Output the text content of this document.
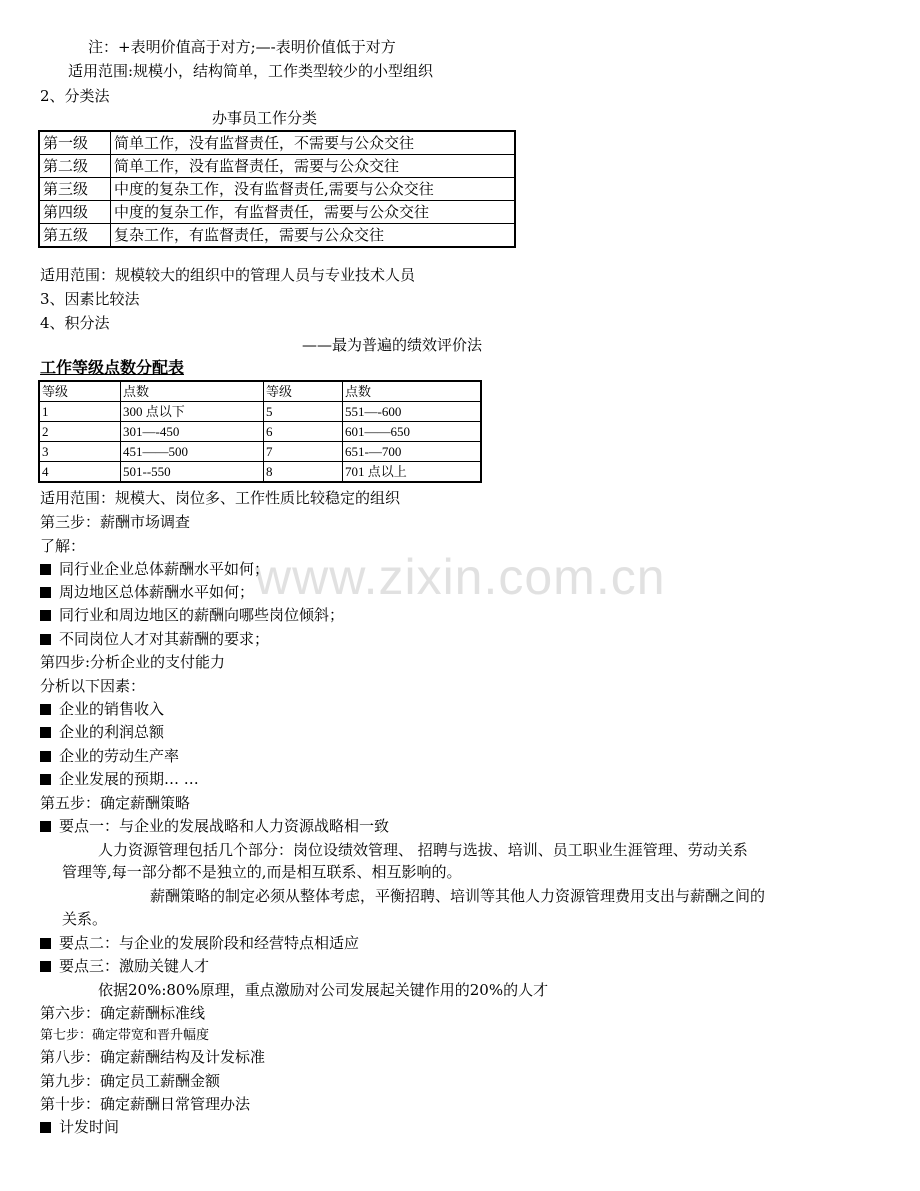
www.zixin.com.cn
注：+表明价值高于对方;—-表明价值低于对方
适用范围:规模小，结构简单，工作类型较少的小型组织
2、分类法
办事员工作分类
第一级	简单工作，没有监督责任，不需要与公众交往
第二级	简单工作，没有监督责任，需要与公众交往
第三级	中度的复杂工作，没有监督责任,需要与公众交往
第四级	中度的复杂工作，有监督责任，需要与公众交往
第五级	复杂工作，有监督责任，需要与公众交往
适用范围：规模较大的组织中的管理人员与专业技术人员
3、因素比较法
4、积分法
——最为普遍的绩效评价法
工作等级点数分配表
等级	点数	等级	点数
1	300 点以下	5	551—-600
2	301—-450	6	601——650
3	451——500	7	651-—700
4	501--550	8	701 点以上
适用范围：规模大、岗位多、工作性质比较稳定的组织
第三步：薪酬市场调查
了解：
同行业企业总体薪酬水平如何；
周边地区总体薪酬水平如何；
同行业和周边地区的薪酬向哪些岗位倾斜；
不同岗位人才对其薪酬的要求；
第四步:分析企业的支付能力
分析以下因素：
企业的销售收入
企业的利润总额
企业的劳动生产率
企业发展的预期… …
第五步：确定薪酬策略
要点一：与企业的发展战略和人力资源战略相一致
人力资源管理包括几个部分：岗位设绩效管理、 招聘与选拔、培训、员工职业生涯管理、劳动关系
管理等,每一部分都不是独立的,而是相互联系、相互影响的。
薪酬策略的制定必须从整体考虑，平衡招聘、培训等其他人力资源管理费用支出与薪酬之间的
关系。
要点二：与企业的发展阶段和经营特点相适应
要点三：激励关键人才
依据20%:80%原理，重点激励对公司发展起关键作用的20%的人才
第六步：确定薪酬标准线
第七步：确定带宽和晋升幅度
第八步：确定薪酬结构及计发标准
第九步：确定员工薪酬金额
第十步：确定薪酬日常管理办法
计发时间
